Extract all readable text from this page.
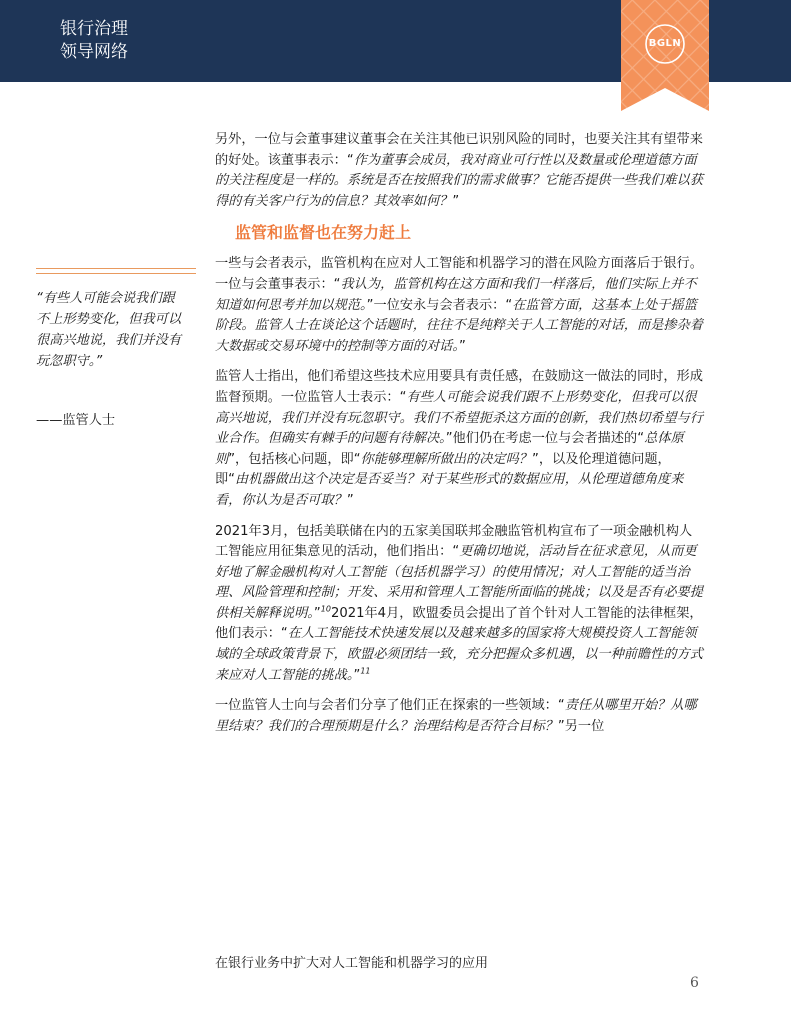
银行治理
领导网络	BGLN

另外，一位与会董事建议董事会在关注其他已识别风险的同时，也要关注其有望带来的好处。该董事表示：“作为董事会成员，我对商业可行性以及数量或伦理道德方面的关注程度是一样的。系统是否在按照我们的需求做事？它能否提供一些我们难以获得的有关客户行为的信息？其效率如何？”

监管和监督也在努力赶上

一些与会者表示，监管机构在应对人工智能和机器学习的潜在风险方面落后于银行。一位与会董事表示：“我认为，监管机构在这方面和我们一样落后，他们实际上并不知道如何思考并加以规范。”一位安永与会者表示：“在监管方面，这基本上处于摇篮阶段。监管人士在谈论这个话题时，往往不是纯粹关于人工智能的对话，而是掺杂着大数据或交易环境中的控制等方面的对话。”

监管人士指出，他们希望这些技术应用要具有责任感，在鼓励这一做法的同时，形成监督预期。一位监管人士表示：“有些人可能会说我们跟不上形势变化，但我可以很高兴地说，我们并没有玩忽职守。我们不希望扼杀这方面的创新，我们热切希望与行业合作。但确实有棘手的问题有待解决。”他们仍在考虑一位与会者描述的“总体原则”，包括核心问题，即“你能够理解所做出的决定吗？”，以及伦理道德问题，即“由机器做出这个决定是否妥当？对于某些形式的数据应用，从伦理道德角度来看，你认为是否可取？”

2021年3月，包括美联储在内的五家美国联邦金融监管机构宣布了一项金融机构人工智能应用征集意见的活动，他们指出：“更确切地说，活动旨在征求意见，从而更好地了解金融机构对人工智能（包括机器学习）的使用情况；对人工智能的适当治理、风险管理和控制；开发、采用和管理人工智能所面临的挑战；以及是否有必要提供相关解释说明。”$^{10}$2021年4月，欧盟委员会提出了首个针对人工智能的法律框架，他们表示：“在人工智能技术快速发展以及越来越多的国家将大规模投资人工智能领域的全球政策背景下，欧盟必须团结一致，充分把握众多机遇，以一种前瞻性的方式来应对人工智能的挑战。”$^{11}$

一位监管人士向与会者们分享了他们正在探索的一些领域：“责任从哪里开始？从哪里结束？我们的合理预期是什么？治理结构是否符合目标？”另一位

“有些人可能会说我们跟不上形势变化，但我可以很高兴地说，我们并没有玩忽职守。”
——监管人士
在银行业务中扩大对人工智能和机器学习的应用
6
